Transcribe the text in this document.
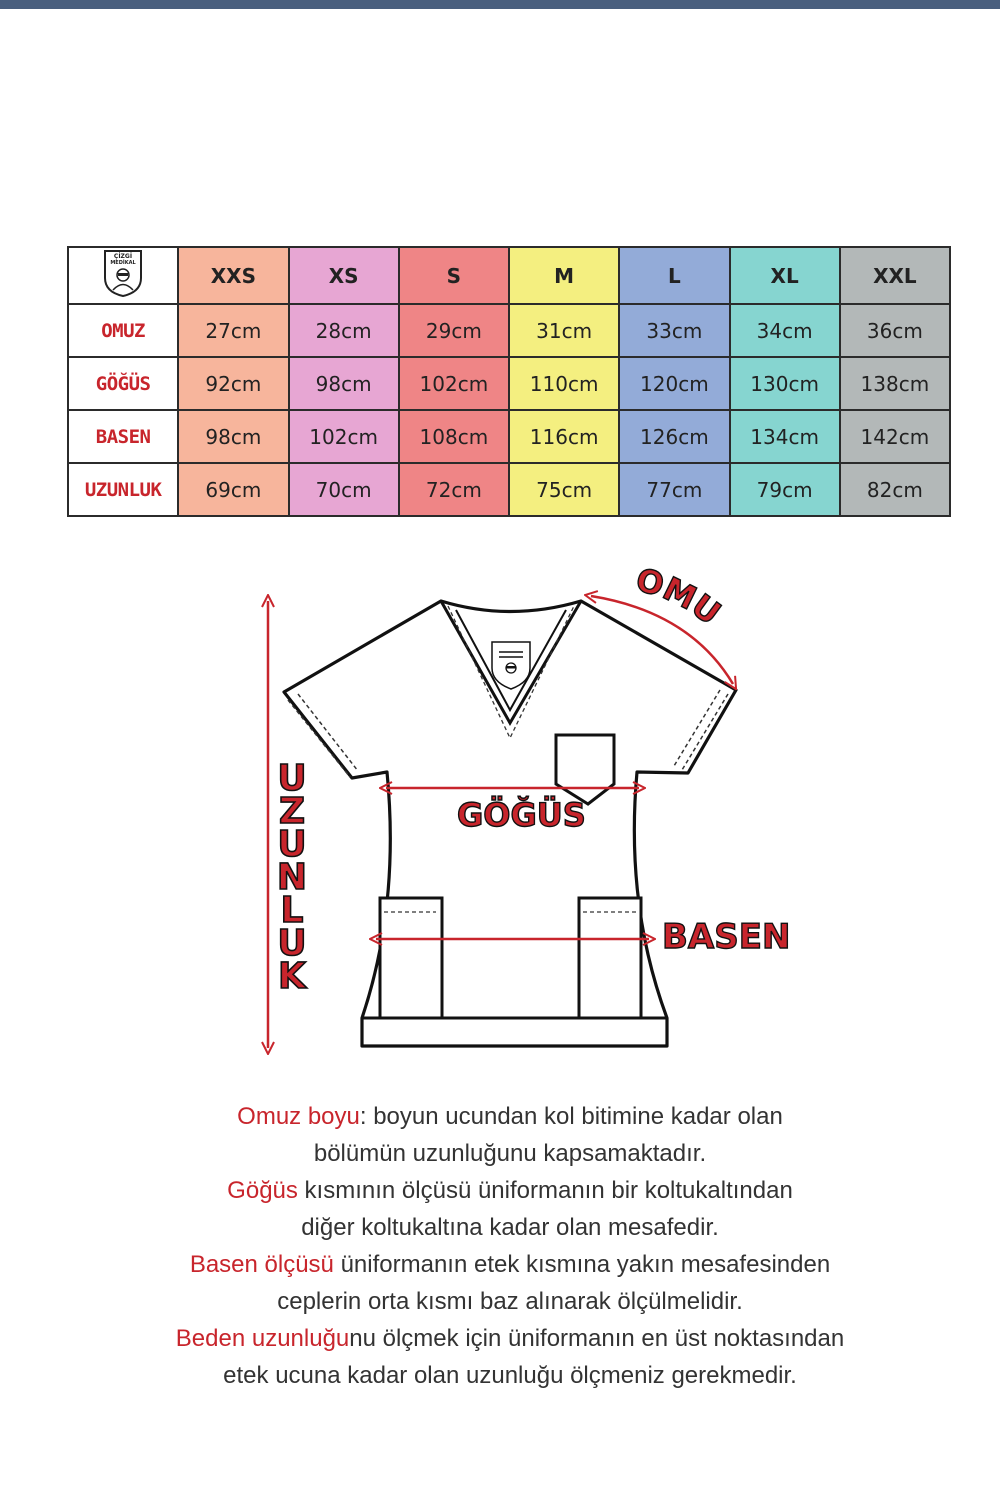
ÇİZGİ
MEDİKAL	XXS	XS	S	M	L	XL	XXL
OMUZ	27cm	28cm	29cm	31cm	33cm	34cm	36cm
GÖĞÜS	92cm	98cm	102cm	110cm	120cm	130cm	138cm
BASEN	98cm	102cm	108cm	116cm	126cm	134cm	142cm
UZUNLUK	69cm	70cm	72cm	75cm	77cm	79cm	82cm
OMU
U
Z
U
N
L
U
K
GÖĞÜS
BASEN

Omuz boyu: boyun ucundan kol bitimine kadar olan

bölümün uzunluğunu kapsamaktadır.

Göğüs kısmının ölçüsü üniformanın bir koltukaltından

diğer koltukaltına kadar olan mesafedir.

Basen ölçüsü üniformanın etek kısmına yakın mesafesinden

ceplerin orta kısmı baz alınarak ölçülmelidir.

Beden uzunluğunu ölçmek için üniformanın en üst noktasından

etek ucuna kadar olan uzunluğu ölçmeniz gerekmedir.
